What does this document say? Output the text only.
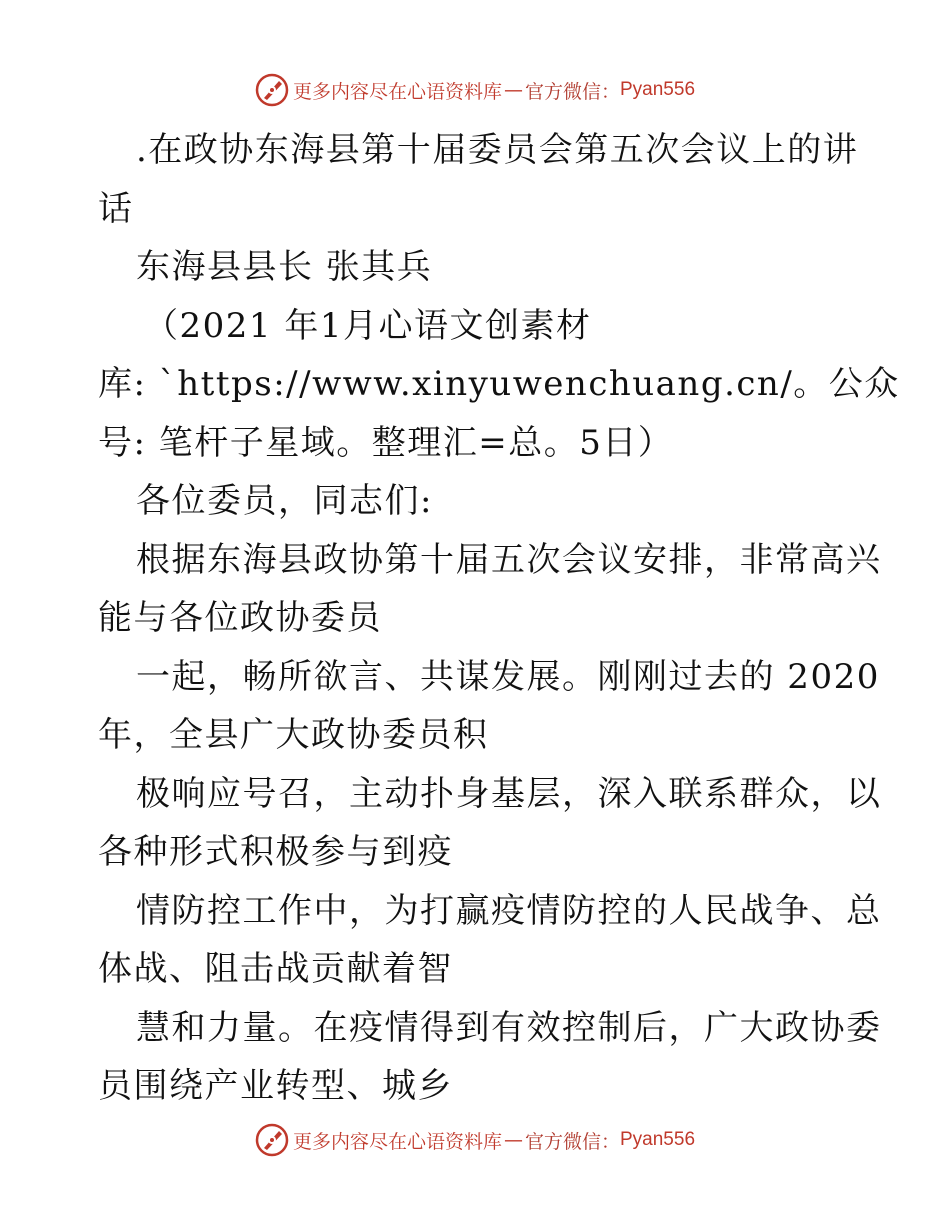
更多内容尽在心语资料库 — 官方微信： Pyan556

.在政协东海县第十届委员会第五次会议上的讲

话

东海县县长 张其兵

（2021 年1月心语文创素材

库: `https://www.xinyuwenchuang.cn/。公众

号: 笔杆子星域。整理汇=总。5日）

各位委员，同志们:

根据东海县政协第十届五次会议安排，非常高兴

能与各位政协委员

一起，畅所欲言、共谋发展。刚刚过去的 2020

年，全县广大政协委员积

极响应号召，主动扑身基层，深入联系群众，以

各种形式积极参与到疫

情防控工作中，为打赢疫情防控的人民战争、总

体战、阻击战贡献着智

慧和力量。在疫情得到有效控制后，广大政协委

员围绕产业转型、城乡

更多内容尽在心语资料库 — 官方微信： Pyan556
